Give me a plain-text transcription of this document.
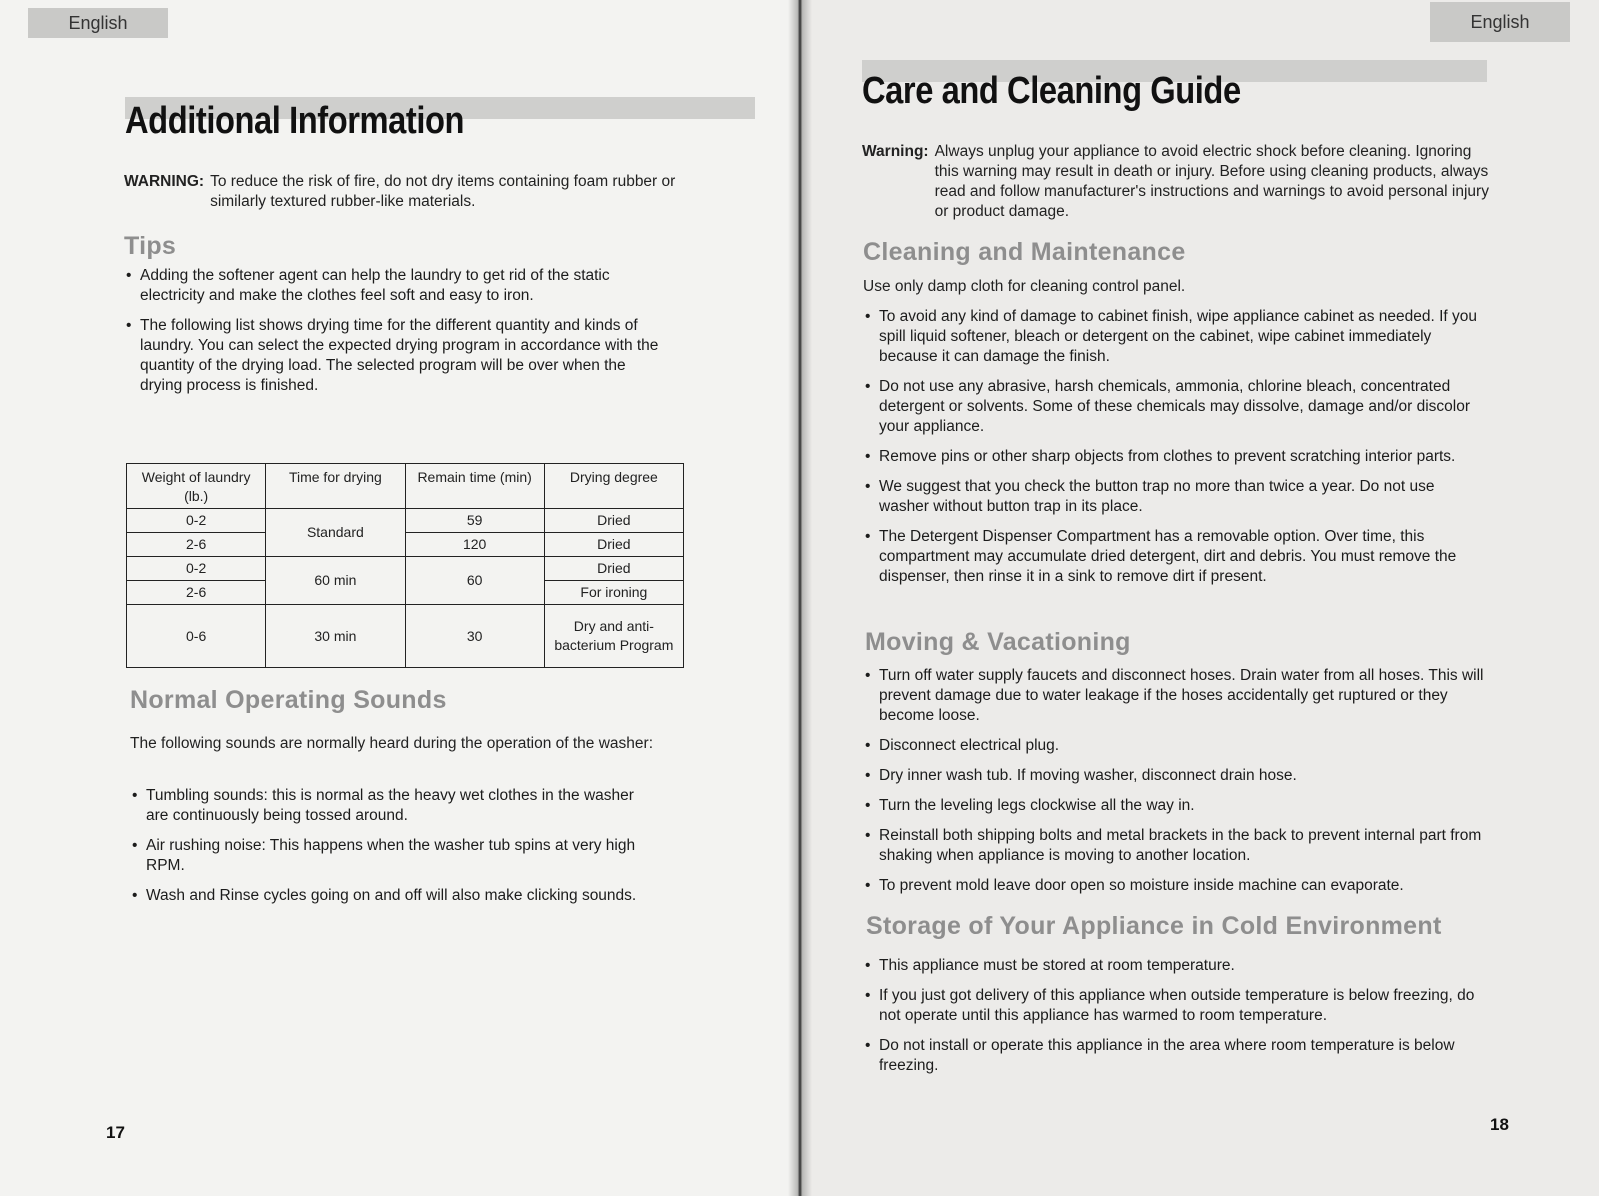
English
Additional Information
WARNING: To reduce the risk of fire, do not dry items containing foam rubber or similarly textured rubber-like materials.
Tips
• Adding the softener agent can help the laundry to get rid of the static electricity and make the clothes feel soft and easy to iron.
• The following list shows drying time for the different quantity and kinds of laundry. You can select the expected drying program in accordance with the quantity of the drying load. The selected program will be over when the drying process is finished.
Weight of laundry (lb.)	Time for drying	Remain time (min)	Drying degree
0-2	Standard	59	Dried
2-6		120	Dried
0-2	60 min	60	Dried
2-6			For ironing
0-6	30 min	30	Dry and anti-bacterium Program
Normal Operating Sounds
The following sounds are normally heard during the operation of the washer:
• Tumbling sounds: this is normal as the heavy wet clothes in the washer are continuously being tossed around.
• Air rushing noise: This happens when the washer tub spins at very high RPM.
• Wash and Rinse cycles going on and off will also make clicking sounds.
17
English
Care and Cleaning Guide
Warning: Always unplug your appliance to avoid electric shock before cleaning. Ignoring this warning may result in death or injury. Before using cleaning products, always read and follow manufacturer's instructions and warnings to avoid personal injury or product damage.
Cleaning and Maintenance
Use only damp cloth for cleaning control panel.
• To avoid any kind of damage to cabinet finish, wipe appliance cabinet as needed. If you spill liquid softener, bleach or detergent on the cabinet, wipe cabinet immediately because it can damage the finish.
• Do not use any abrasive, harsh chemicals, ammonia, chlorine bleach, concentrated detergent or solvents. Some of these chemicals may dissolve, damage and/or discolor your appliance.
• Remove pins or other sharp objects from clothes to prevent scratching interior parts.
• We suggest that you check the button trap no more than twice a year. Do not use washer without button trap in its place.
• The Detergent Dispenser Compartment has a removable option. Over time, this compartment may accumulate dried detergent, dirt and debris. You must remove the dispenser, then rinse it in a sink to remove dirt if present.
Moving & Vacationing
• Turn off water supply faucets and disconnect hoses. Drain water from all hoses. This will prevent damage due to water leakage if the hoses accidentally get ruptured or they become loose.
• Disconnect electrical plug.
• Dry inner wash tub. If moving washer, disconnect drain hose.
• Turn the leveling legs clockwise all the way in.
• Reinstall both shipping bolts and metal brackets in the back to prevent internal part from shaking when appliance is moving to another location.
• To prevent mold leave door open so moisture inside machine can evaporate.
Storage of Your Appliance in Cold Environment
• This appliance must be stored at room temperature.
• If you just got delivery of this appliance when outside temperature is below freezing, do not operate until this appliance has warmed to room temperature.
• Do not install or operate this appliance in the area where room temperature is below freezing.
18
